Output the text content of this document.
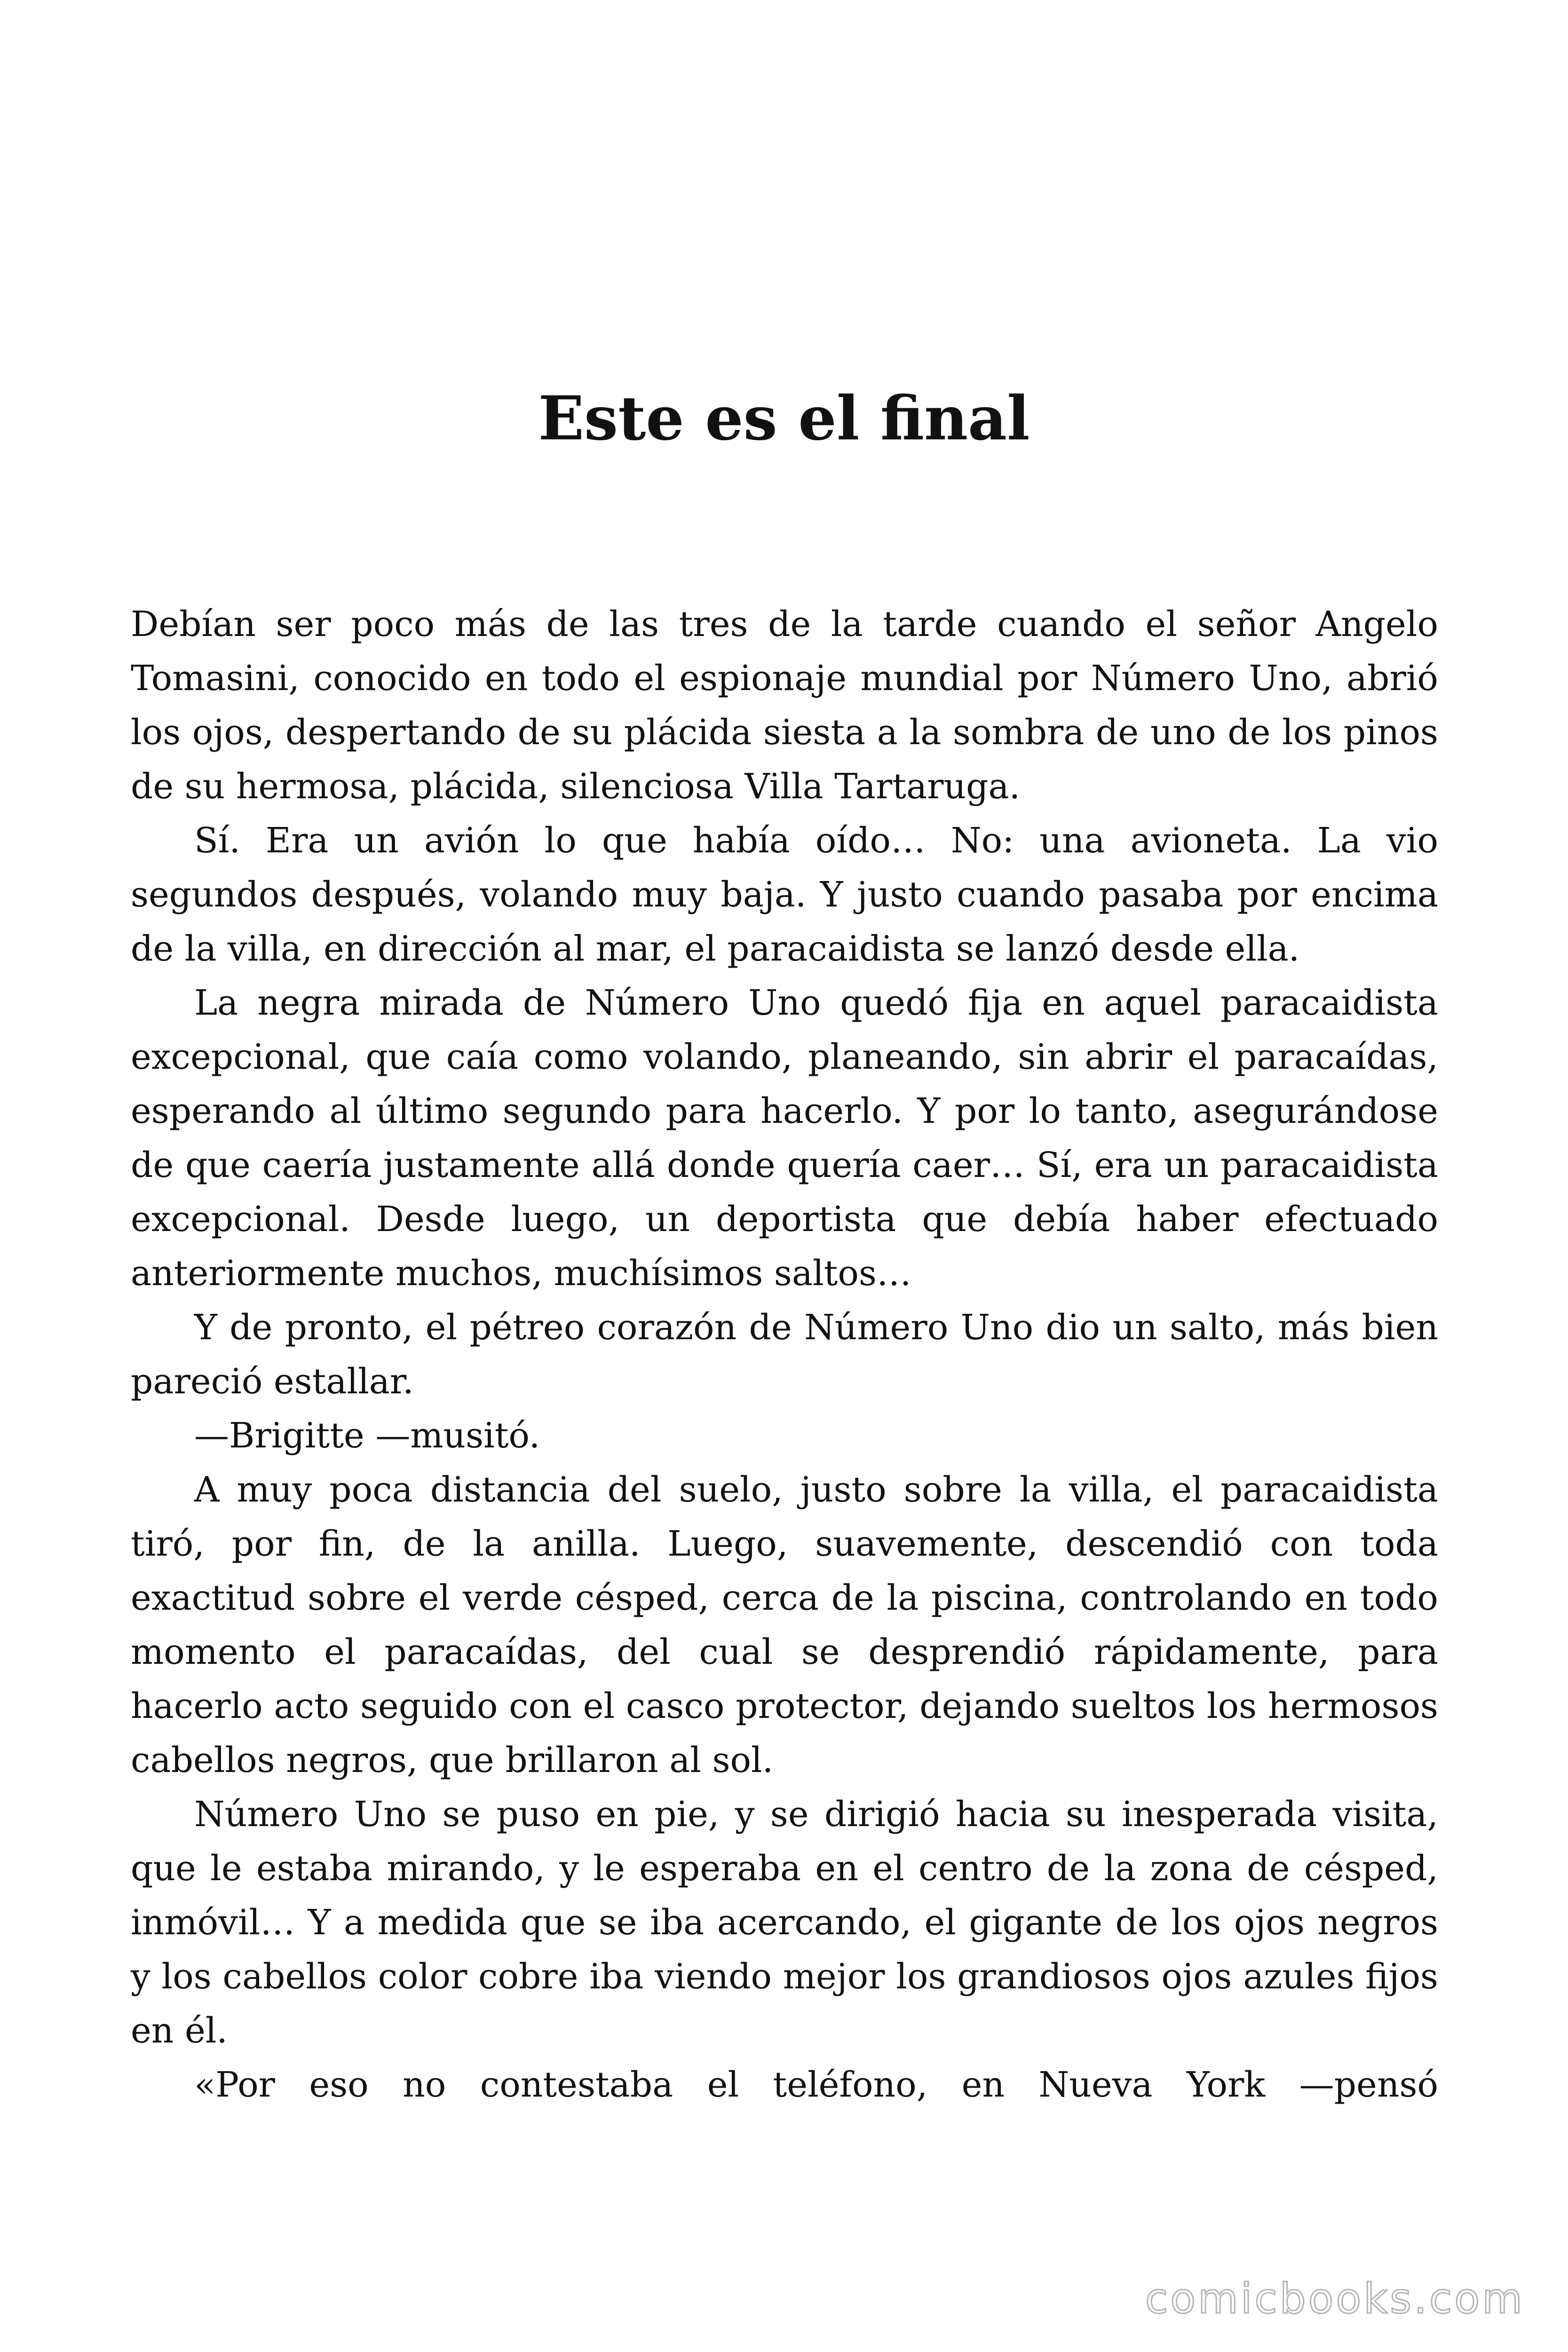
Este es el final

Debían ser poco más de las tres de la tarde cuando el señor Angelo Tomasini, conocido en todo el espionaje mundial por Número Uno, abrió los ojos, despertando de su plácida siesta a la sombra de uno de los pinos de su hermosa, plácida, silenciosa Villa Tartaruga.

Sí. Era un avión lo que había oído… No: una avioneta. La vio segundos después, volando muy baja. Y justo cuando pasaba por encima de la villa, en dirección al mar, el paracaidista se lanzó desde ella.

La negra mirada de Número Uno quedó fija en aquel paracaidista excepcional, que caía como volando, planeando, sin abrir el paracaídas, esperando al último segundo para hacerlo. Y por lo tanto, asegurándose de que caería justamente allá donde quería caer… Sí, era un paracaidista excepcional. Desde luego, un deportista que debía haber efectuado anteriormente muchos, muchísimos saltos…

Y de pronto, el pétreo corazón de Número Uno dio un salto, más bien pareció estallar.

—Brigitte —musitó.

A muy poca distancia del suelo, justo sobre la villa, el paracaidista tiró, por fin, de la anilla. Luego, suavemente, descendió con toda exactitud sobre el verde césped, cerca de la piscina, controlando en todo momento el paracaídas, del cual se desprendió rápidamente, para hacerlo acto seguido con el casco protector, dejando sueltos los hermosos cabellos negros, que brillaron al sol.

Número Uno se puso en pie, y se dirigió hacia su inesperada visita, que le estaba mirando, y le esperaba en el centro de la zona de césped, inmóvil… Y a medida que se iba acercando, el gigante de los ojos negros y los cabellos color cobre iba viendo mejor los grandiosos ojos azules fijos en él.

«Por eso no contestaba el teléfono, en Nueva York —pensó

comicbooks.com
